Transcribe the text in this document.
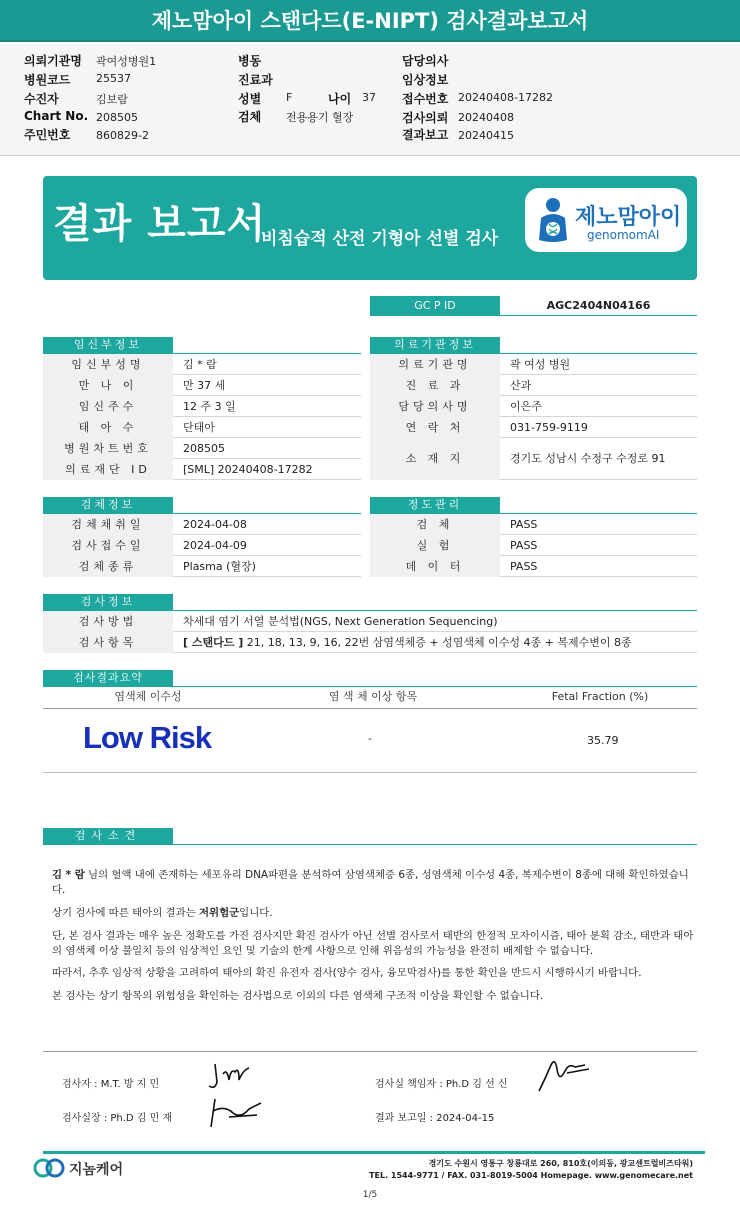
제노맘아이 스탠다드(E-NIPT) 검사결과보고서
의뢰기관명 곽여성병원1
병원코드 25537
수진자	김보람
Chart No. 208505
주민번호 860829-2
병동
진료과
성별 F	나이 37
검체 전용용기 혈장
담당의사
임상정보
접수번호 20240408-17282
검사의뢰 20240408
결과보고 20240415
결과 보고서
비침습적 산전 기형아 선별 검사
제노맘아이
genomomAI
GC P ID	AGC2404N04166
임신부정보
임신부성명	김 * 람
만 나 이	만 37 세
임신주수	12 주 3 일
태 아 수	단태아
병원차트번호	208505
의료재단 ID	[SML] 20240408-17282
의료기관정보
의료기관명	곽 여성 병원
진 료 과	산과
담당의사명	이은주
연 락 처	031-759-9119
소 재 지	경기도 성남시 수정구 수정로 91
검체정보
검체채취일	2024-04-08
검사접수일	2024-04-09
검체종류	Plasma (혈장)
정도관리
검 체	PASS
실 험	PASS
데 이 터	PASS
검사정보
검사방법	차세대 염기 서열 분석법(NGS, Next Generation Sequencing)
검사항목	[ 스탠다드 ] 21, 18, 13, 9, 16, 22번 삼염색체증 + 성염색체 이수성 4종 + 복제수변이 8종
검사결과요약
염색체 이수성	염 색 체 이상 항목	Fetal Fraction (%)
Low Risk	-	35.79
검사소견
김 * 람 님의 혈액 내에 존재하는 세포유리 DNA파편을 분석하여 삼염색체증 6종, 성염색체 이수성 4종, 복제수변이 8종에 대해 확인하였습니다.
상기 검사에 따른 태아의 결과는 저위험군입니다.
단, 본 검사 결과는 매우 높은 정확도를 가진 검사지만 확진 검사가 아닌 선별 검사로서 태반의 한정적 모자이시즘, 태아 분획 감소, 태반과 태아의 염색체 이상 불일치 등의 임상적인 요인 및 기술의 한계 사항으로 인해 위음성의 가능성을 완전히 배제할 수 없습니다.
따라서, 추후 임상적 상황을 고려하여 태아의 확진 유전자 검사(양수 검사, 융모막검사)를 통한 확인을 반드시 시행하시기 바랍니다.
본 검사는 상기 항목의 위험성을 확인하는 검사법으로 이외의 다른 염색체 구조적 이상을 확인할 수 없습니다.
검사자 : M.T. 방 지 민	검사실 책임자 : Ph.D 김 선 신
검사실장 : Ph.D 김 민 재	결과 보고일 : 2024-04-15
지놈케어	경기도 수원시 영통구 창룡대로 260, 810호(이의동, 광교센트럴비즈타워)
TEL. 1544-9771 / FAX. 031-8019-5004 Homepage. www.genomecare.net
1/5
